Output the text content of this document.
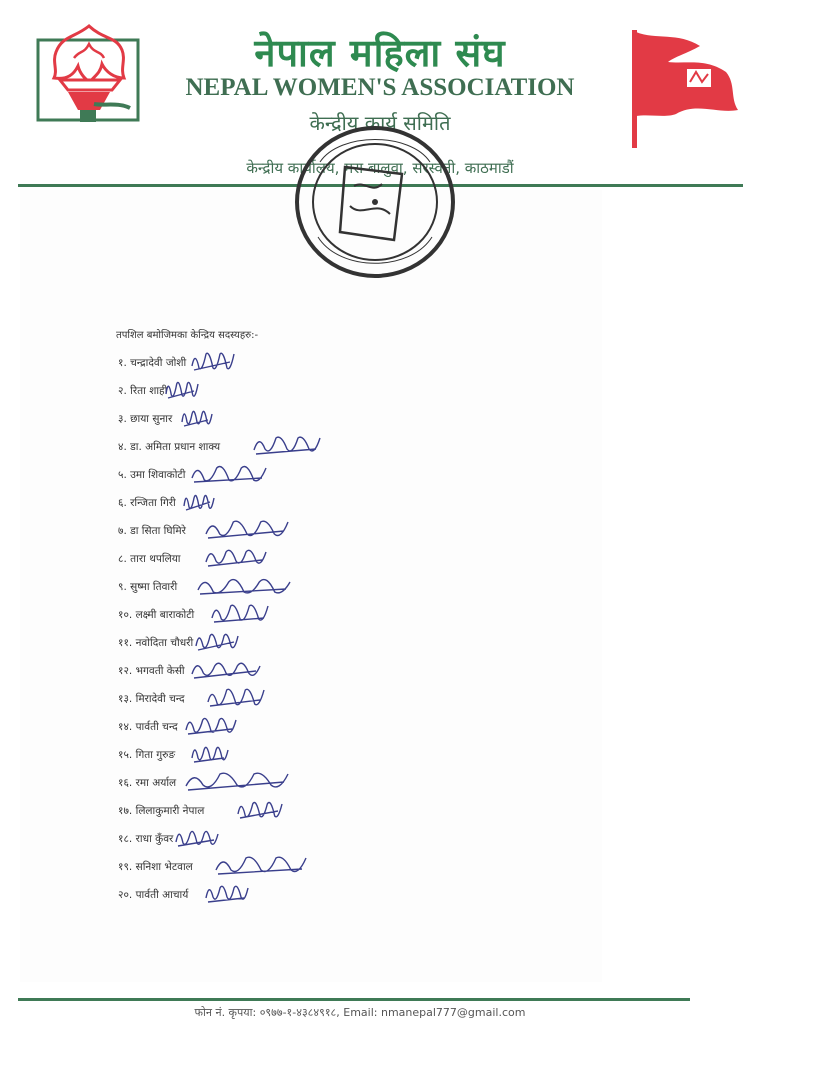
नेपाल महिला संघ
NEPAL WOMEN'S ASSOCIATION
केन्द्रीय कार्य समिति
केन्द्रीय कार्यालय, मरा बालुवा, सरस्वती, काठमाडौं
तपशिल बमोजिमका केन्द्रिय सदस्यहरु:-
१. चन्द्रादेवी जोशी
२. रिता शाही
३. छाया सुनार
४. डा. अमिता प्रधान शाक्य
५. उमा शिवाकोटी
६. रन्जिता गिरी
७. डा सिता घिमिरे
८. तारा थपलिया
९. सुष्मा तिवारी
१०. लक्ष्मी बाराकोटी
११. नवोदिता चौधरी
१२. भगवती केसी
१३. मिरादेवी चन्द
१४. पार्वती चन्द
१५. गिता गुरुङ
१६. रमा अर्याल
१७. लिलाकुमारी नेपाल
१८. राधा कुँवर
१९. सनिशा भेटवाल
२०. पार्वती आचार्य
फोन नं. कृपया: ०९७७-१-४३८४९१८, Email: nmanepal777@gmail.com
